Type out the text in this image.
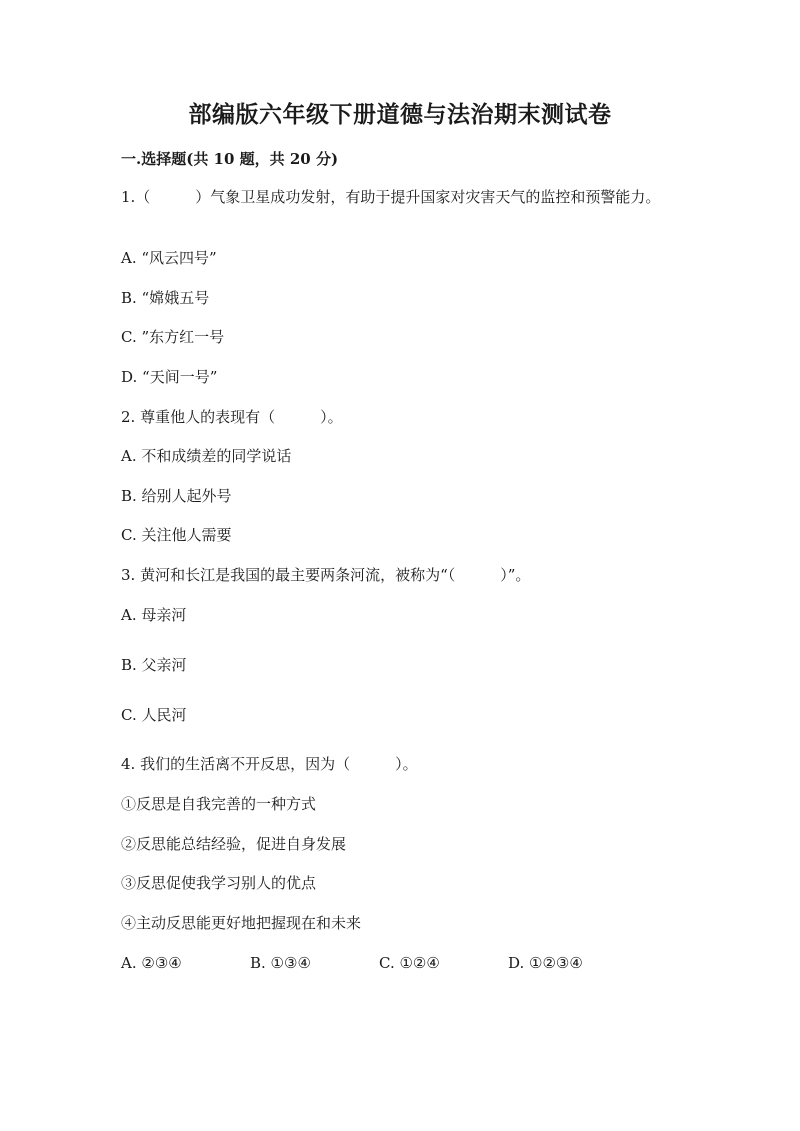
部编版六年级下册道德与法治期末测试卷
一.选择题(共 10 题，共 20 分)
1.（　　　）气象卫星成功发射，有助于提升国家对灾害天气的监控和预警能力。
A. “风云四号”
B. “嫦娥五号
C. ”东方红一号
D. “天间一号”
2. 尊重他人的表现有（　　　）。
A. 不和成绩差的同学说话
B. 给别人起外号
C. 关注他人需要
3. 黄河和长江是我国的最主要两条河流，被称为“（　　　）”。
A. 母亲河
B. 父亲河
C. 人民河
4. 我们的生活离不开反思，因为（　　　）。
①反思是自我完善的一种方式
②反思能总结经验，促进自身发展
③反思促使我学习别人的优点
④主动反思能更好地把握现在和未来
A. ②③④	B. ①③④	C. ①②④	D. ①②③④
